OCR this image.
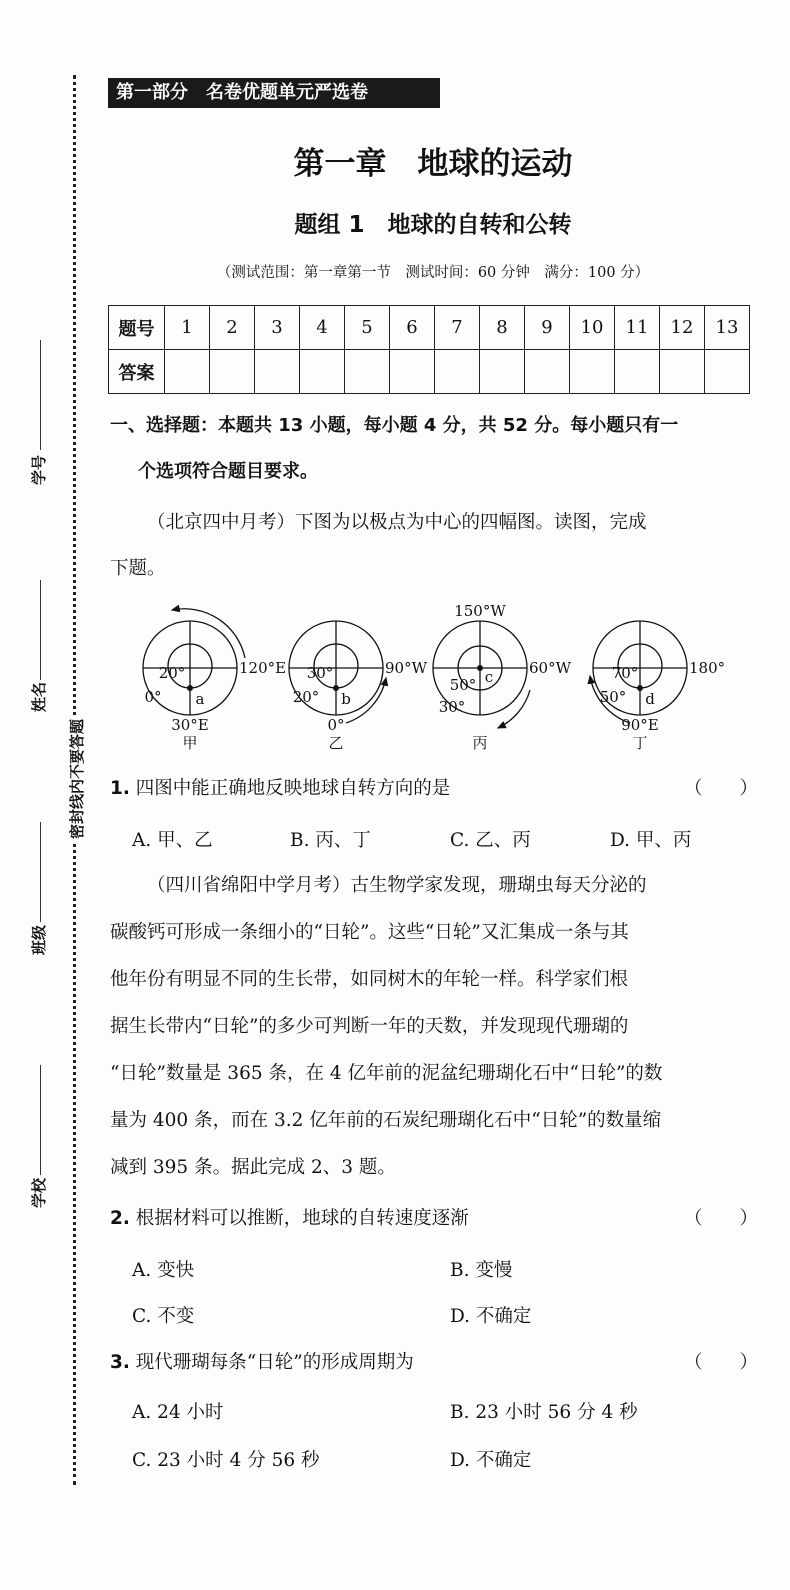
学号
姓名
班级
学校
密封线内不要答题
第一部分　名卷优题单元严选卷
第一章　地球的运动
题组 1　地球的自转和公转
（测试范围：第一章第一节　测试时间：60 分钟　满分：100 分）
题号	1	2	3	4	5	6	7	8	9	10	11	12	13
答案													
一、选择题：本题共 13 小题，每小题 4 分，共 52 分。每小题只有一
个选项符合题目要求。
（北京四中月考）下图为以极点为中心的四幅图。读图，完成
下题。
120°E
20°
0°
30°E
a
甲
90°W
30°
20°
0°
b
乙
150°W
60°W
50°
30°
c
丙
180°
70°
50°
90°E
d
丁
1. 四图中能正确地反映地球自转方向的是	（　　）
A. 甲、乙	B. 丙、丁	C. 乙、丙	D. 甲、丙
（四川省绵阳中学月考）古生物学家发现，珊瑚虫每天分泌的
碳酸钙可形成一条细小的“日轮”。这些“日轮”又汇集成一条与其
他年份有明显不同的生长带，如同树木的年轮一样。科学家们根
据生长带内“日轮”的多少可判断一年的天数，并发现现代珊瑚的
“日轮”数量是 365 条，在 4 亿年前的泥盆纪珊瑚化石中“日轮”的数
量为 400 条，而在 3.2 亿年前的石炭纪珊瑚化石中“日轮”的数量缩
减到 395 条。据此完成 2、3 题。
2. 根据材料可以推断，地球的自转速度逐渐	（　　）
A. 变快	B. 变慢
C. 不变	D. 不确定
3. 现代珊瑚每条“日轮”的形成周期为	（　　）
A. 24 小时	B. 23 小时 56 分 4 秒
C. 23 小时 4 分 56 秒	D. 不确定
